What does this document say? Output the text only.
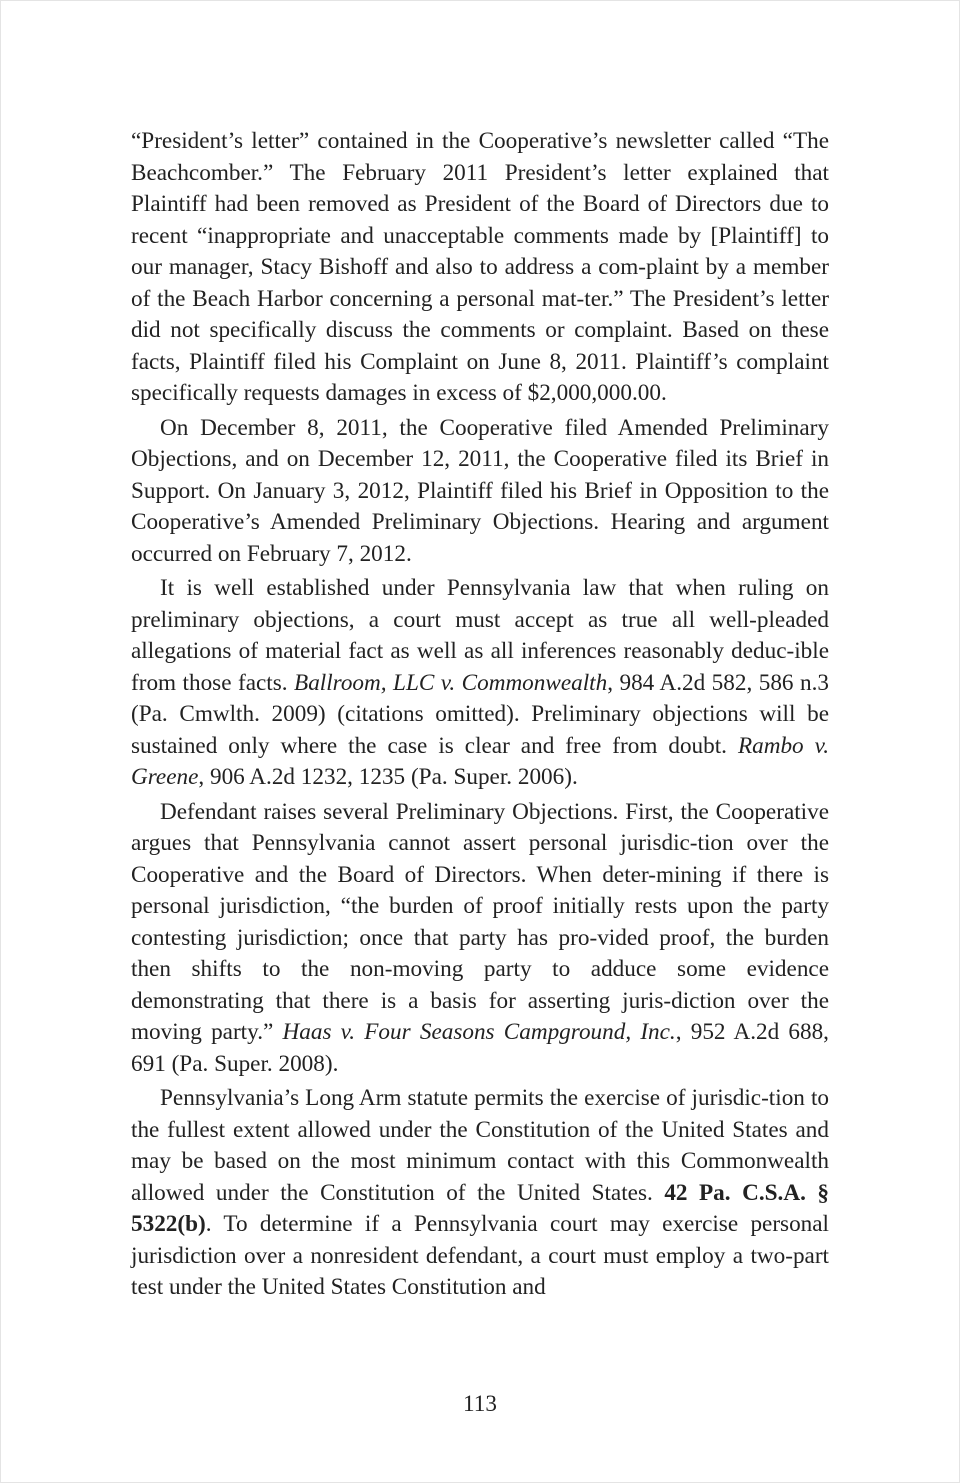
“President’s letter” contained in the Cooperative’s newsletter called “The Beachcomber.” The February 2011 President’s letter explained that Plaintiff had been removed as President of the Board of Directors due to recent “inappropriate and unacceptable comments made by [Plaintiff] to our manager, Stacy Bishoff and also to address a com-plaint by a member of the Beach Harbor concerning a personal mat-ter.” The President’s letter did not specifically discuss the comments or complaint. Based on these facts, Plaintiff filed his Complaint on June 8, 2011. Plaintiff’s complaint specifically requests damages in excess of $2,000,000.00.

On December 8, 2011, the Cooperative filed Amended Preliminary Objections, and on December 12, 2011, the Cooperative filed its Brief in Support. On January 3, 2012, Plaintiff filed his Brief in Opposition to the Cooperative’s Amended Preliminary Objections. Hearing and argument occurred on February 7, 2012.

It is well established under Pennsylvania law that when ruling on preliminary objections, a court must accept as true all well-pleaded allegations of material fact as well as all inferences reasonably deduc-ible from those facts. Ballroom, LLC v. Commonwealth, 984 A.2d 582, 586 n.3 (Pa. Cmwlth. 2009) (citations omitted). Preliminary objections will be sustained only where the case is clear and free from doubt. Rambo v. Greene, 906 A.2d 1232, 1235 (Pa. Super. 2006).

Defendant raises several Preliminary Objections. First, the Cooperative argues that Pennsylvania cannot assert personal jurisdic-tion over the Cooperative and the Board of Directors. When deter-mining if there is personal jurisdiction, “the burden of proof initially rests upon the party contesting jurisdiction; once that party has pro-vided proof, the burden then shifts to the non-moving party to adduce some evidence demonstrating that there is a basis for asserting juris-diction over the moving party.” Haas v. Four Seasons Campground, Inc., 952 A.2d 688, 691 (Pa. Super. 2008).

Pennsylvania’s Long Arm statute permits the exercise of jurisdic-tion to the fullest extent allowed under the Constitution of the United States and may be based on the most minimum contact with this Commonwealth allowed under the Constitution of the United States. 42 Pa. C.S.A. § 5322(b). To determine if a Pennsylvania court may exercise personal jurisdiction over a nonresident defendant, a court must employ a two-part test under the United States Constitution and

113
